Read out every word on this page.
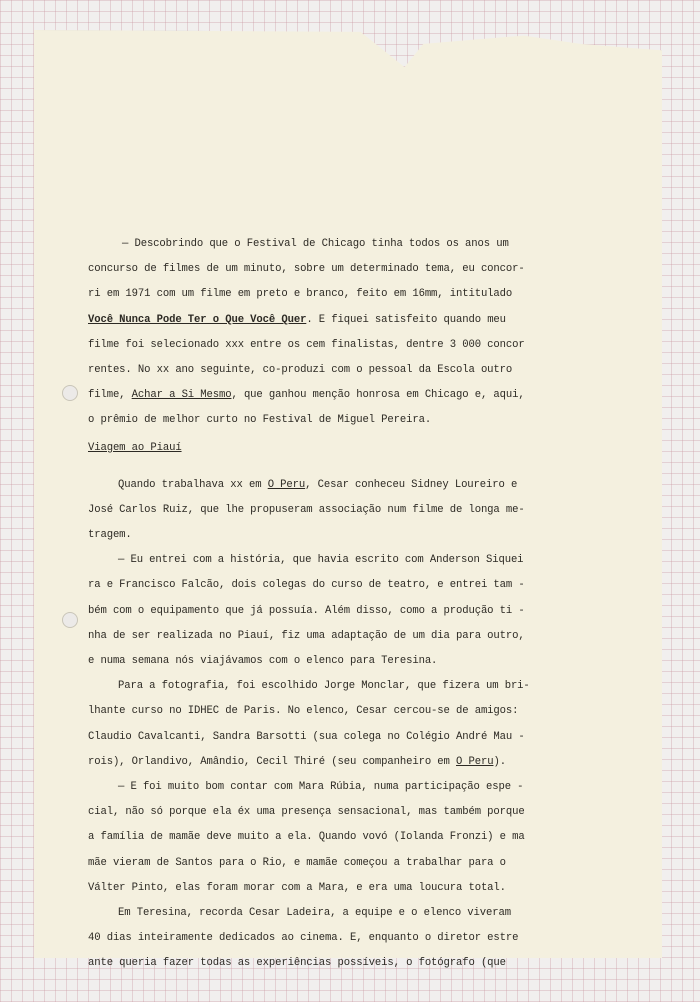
— Descobrindo que o Festival de Chicago tinha todos os anos um
concurso de filmes de um minuto, sobre um determinado tema, eu concor-
ri em 1971 com um filme em preto e branco, feito em 16mm, intitulado
Você Nunca Pode Ter o Que Você Quer. E fiquei satisfeito quando meu
filme foi selecionado xxx entre os cem finalistas, dentre 3 000 concor
rentes. No xx ano seguinte, co-produzi com o pessoal da Escola outro
filme, Achar a Si Mesmo, que ganhou menção honrosa em Chicago e, aqui,
o prêmio de melhor curto no Festival de Miguel Pereira.
Viagem ao Piauí
Quando trabalhava xx em O Peru, Cesar conheceu Sidney Loureiro e
José Carlos Ruiz, que lhe propuseram associação num filme de longa me-
tragem.
— Eu entrei com a história, que havia escrito com Anderson Siquei
ra e Francisco Falcão, dois colegas do curso de teatro, e entrei tam -
bém com o equipamento que já possuía. Além disso, como a produção ti -
nha de ser realizada no Piauí, fiz uma adaptação de um dia para outro,
e numa semana nós viajávamos com o elenco para Teresina.
Para a fotografia, foi escolhido Jorge Monclar, que fizera um bri-
lhante curso no IDHEC de Paris. No elenco, Cesar cercou-se de amigos:
Claudio Cavalcanti, Sandra Barsotti (sua colega no Colégio André Mau -
rois), Orlandivo, Amândio, Cecil Thiré (seu companheiro em O Peru).
— E foi muito bom contar com Mara Rúbia, numa participação espe -
cial, não só porque ela éx uma presença sensacional, mas também porque
a família de mamãe deve muito a ela. Quando vovó (Iolanda Fronzi) e ma
mãe vieram de Santos para o Rio, e mamãe começou a trabalhar para o
Válter Pinto, elas foram morar com a Mara, e era uma loucura total.
Em Teresina, recorda Cesar Ladeira, a equipe e o elenco viveram
40 dias inteiramente dedicados ao cinema. E, enquanto o diretor estre
ante queria fazer todas as experiências possíveis, o fotógrafo (que
